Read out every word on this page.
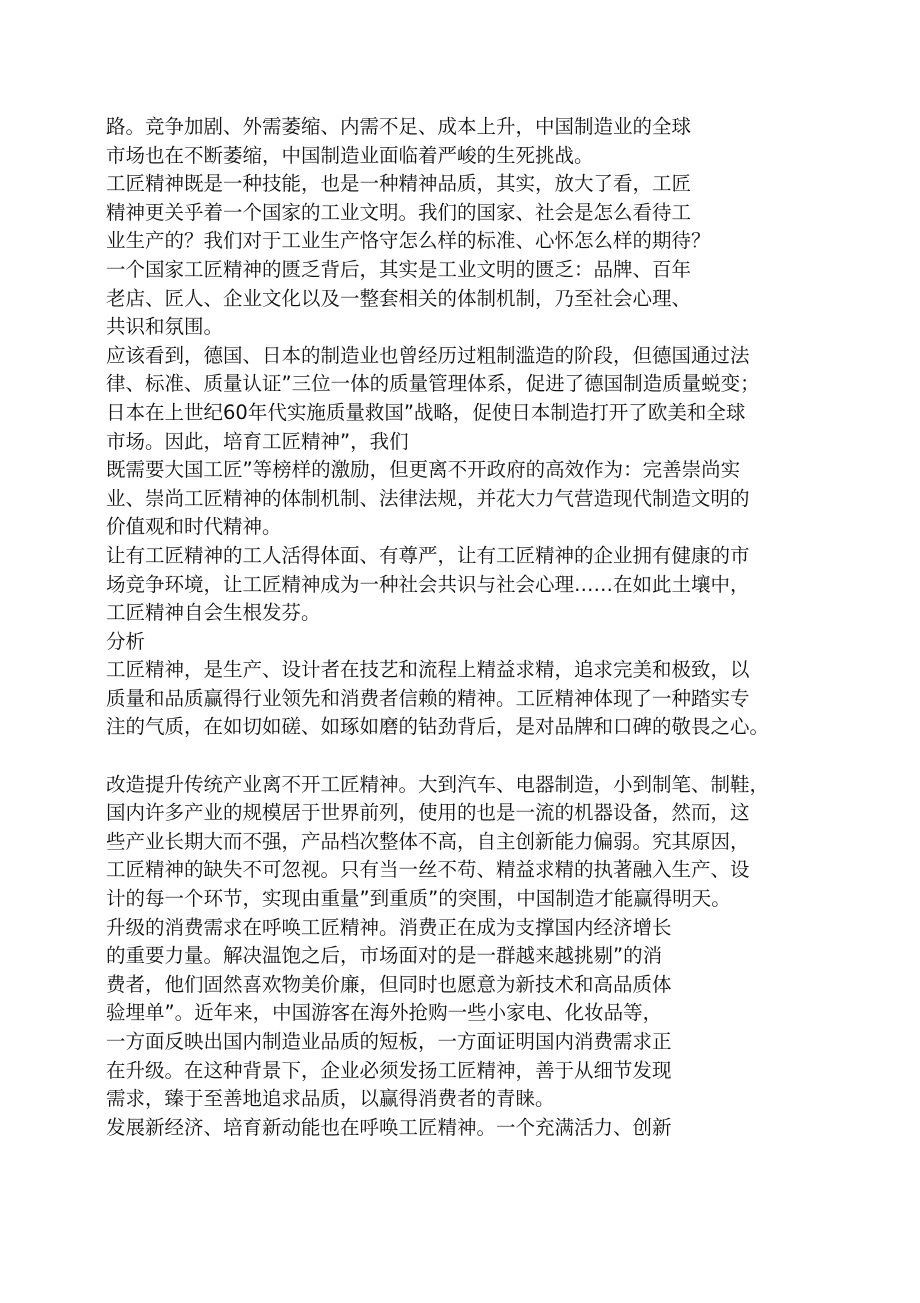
路。竞争加剧、外需萎缩、内需不足、成本上升，中国制造业的全球

市场也在不断萎缩，中国制造业面临着严峻的生死挑战。

工匠精神既是一种技能，也是一种精神品质，其实，放大了看，工匠

精神更关乎着一个国家的工业文明。我们的国家、社会是怎么看待工

业生产的？我们对于工业生产恪守怎么样的标准、心怀怎么样的期待？

一个国家工匠精神的匮乏背后，其实是工业文明的匮乏：品牌、百年

老店、匠人、企业文化以及一整套相关的体制机制，乃至社会心理、

共识和氛围。

应该看到，德国、日本的制造业也曾经历过粗制滥造的阶段，但德国通过法

律、标准、质量认证”三位一体的质量管理体系，促进了德国制造质量蜕变；

日本在上世纪60年代实施质量救国”战略，促使日本制造打开了欧美和全球

市场。因此，培育工匠精神”，我们

既需要大国工匠”等榜样的激励，但更离不开政府的高效作为：完善崇尚实

业、崇尚工匠精神的体制机制、法律法规，并花大力气营造现代制造文明的

价值观和时代精神。

让有工匠精神的工人活得体面、有尊严，让有工匠精神的企业拥有健康的市

场竞争环境，让工匠精神成为一种社会共识与社会心理……在如此土壤中，

工匠精神自会生根发芬。

分析

工匠精神，是生产、设计者在技艺和流程上精益求精，追求完美和极致，以

质量和品质赢得行业领先和消费者信赖的精神。工匠精神体现了一种踏实专

注的气质，在如切如磋、如琢如磨的钻劲背后，是对品牌和口碑的敬畏之心。

改造提升传统产业离不开工匠精神。大到汽车、电器制造，小到制笔、制鞋，

国内许多产业的规模居于世界前列，使用的也是一流的机器设备，然而，这

些产业长期大而不强，产品档次整体不高，自主创新能力偏弱。究其原因，

工匠精神的缺失不可忽视。只有当一丝不苟、精益求精的执著融入生产、设

计的每一个环节，实现由重量”到重质”的突围，中国制造才能赢得明天。

升级的消费需求在呼唤工匠精神。消费正在成为支撑国内经济增长

的重要力量。解决温饱之后，市场面对的是一群越来越挑剔”的消

费者，他们固然喜欢物美价廉，但同时也愿意为新技术和高品质体

验埋单”。近年来，中国游客在海外抢购一些小家电、化妆品等，

一方面反映出国内制造业品质的短板，一方面证明国内消费需求正

在升级。在这种背景下，企业必须发扬工匠精神，善于从细节发现

需求，臻于至善地追求品质，以赢得消费者的青睐。

发展新经济、培育新动能也在呼唤工匠精神。一个充满活力、创新
